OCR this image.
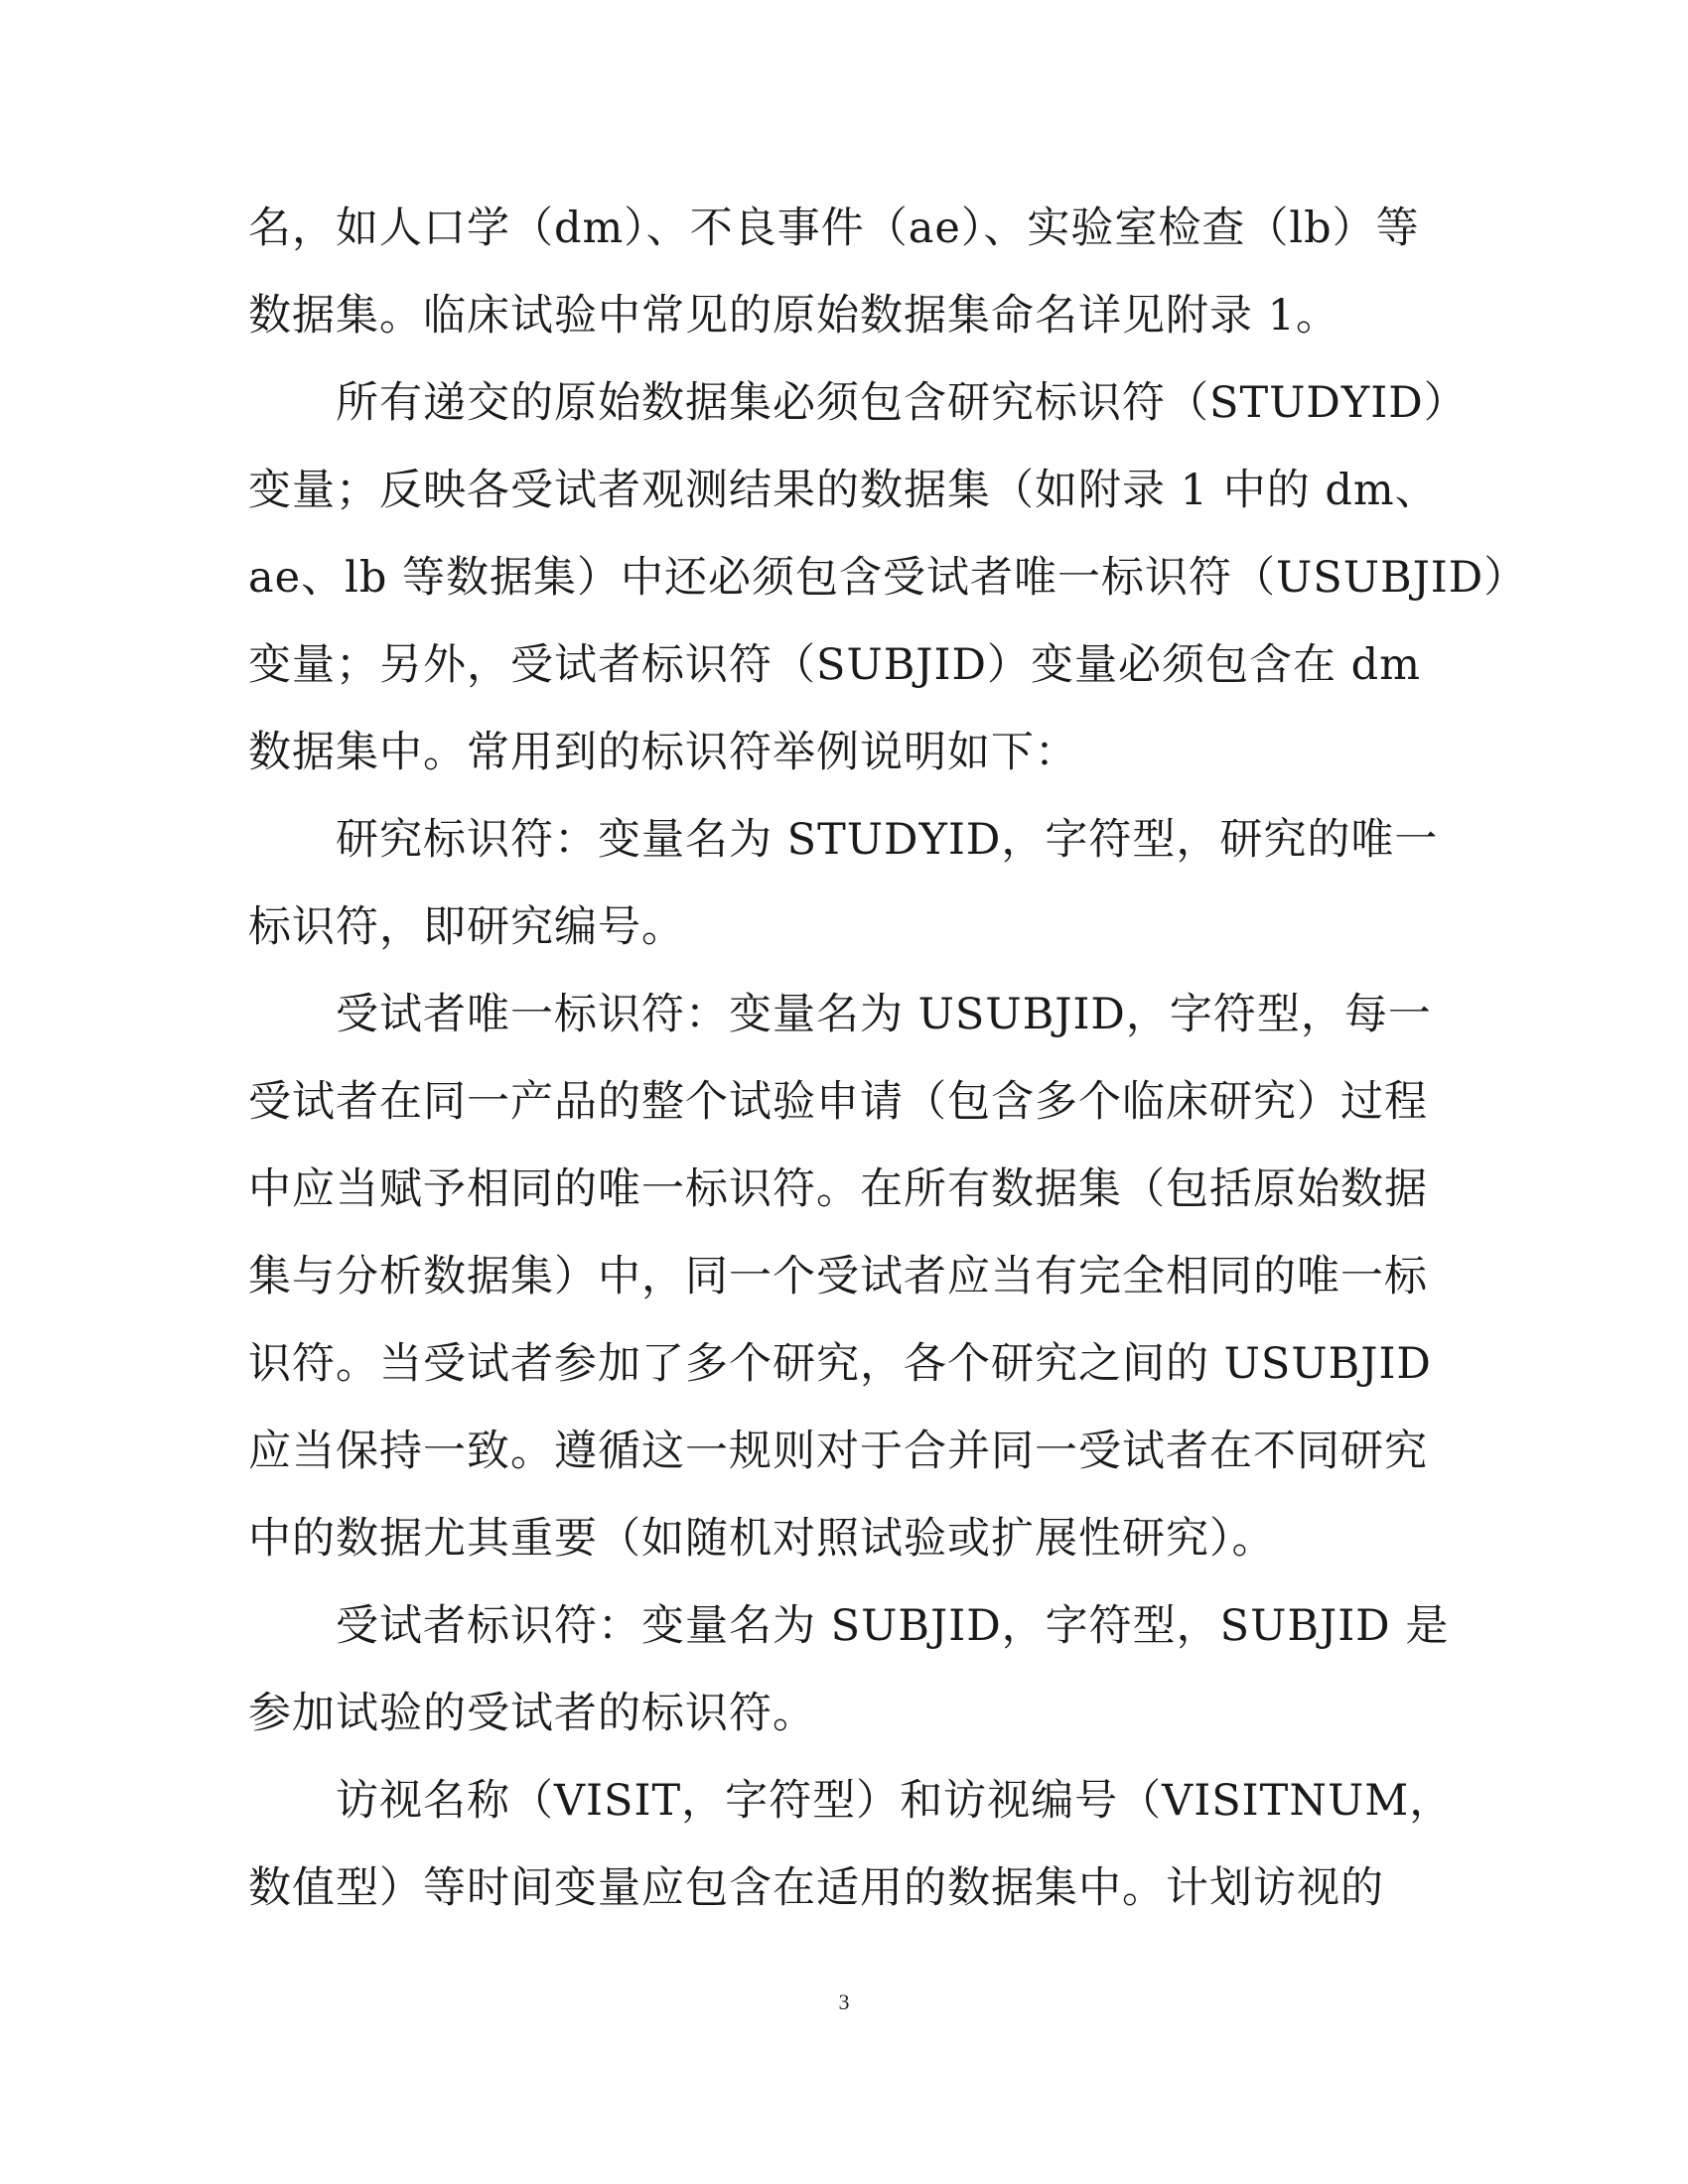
名，如人口学（dm）、不良事件（ae）、实验室检查（lb）等
数据集。临床试验中常见的原始数据集命名详见附录 1。
所有递交的原始数据集必须包含研究标识符（STUDYID）
变量；反映各受试者观测结果的数据集（如附录 1 中的 dm、
ae、lb 等数据集）中还必须包含受试者唯一标识符（USUBJID）
变量；另外，受试者标识符（SUBJID）变量必须包含在 dm
数据集中。常用到的标识符举例说明如下：
研究标识符：变量名为 STUDYID，字符型，研究的唯一
标识符，即研究编号。
受试者唯一标识符：变量名为 USUBJID，字符型，每一
受试者在同一产品的整个试验申请（包含多个临床研究）过程
中应当赋予相同的唯一标识符。在所有数据集（包括原始数据
集与分析数据集）中，同一个受试者应当有完全相同的唯一标
识符。当受试者参加了多个研究，各个研究之间的 USUBJID
应当保持一致。遵循这一规则对于合并同一受试者在不同研究
中的数据尤其重要（如随机对照试验或扩展性研究）。
受试者标识符：变量名为 SUBJID，字符型，SUBJID 是
参加试验的受试者的标识符。
访视名称（VISIT，字符型）和访视编号（VISITNUM，
数值型）等时间变量应包含在适用的数据集中。计划访视的
3
